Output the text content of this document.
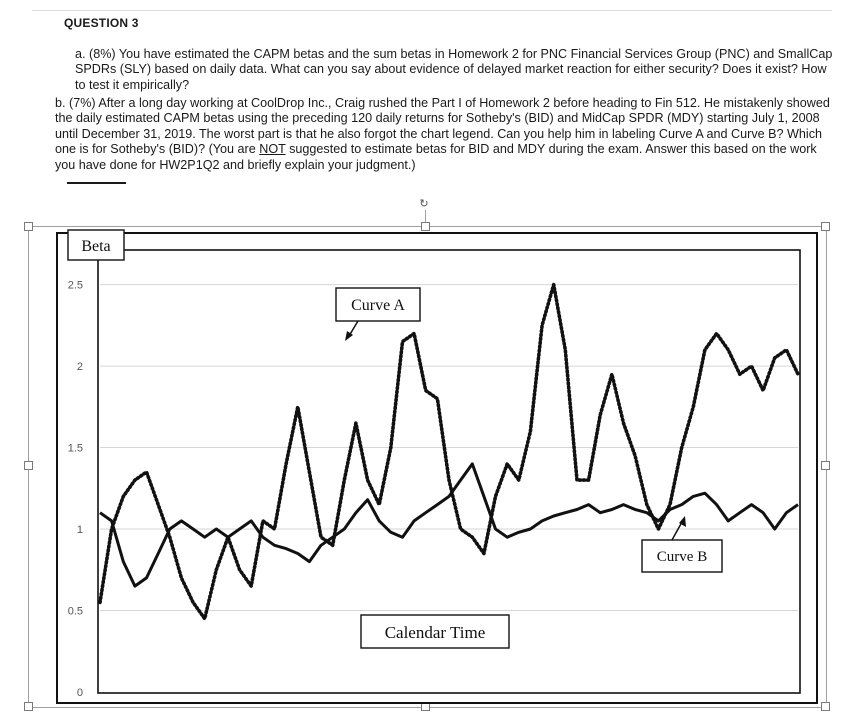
QUESTION 3

a. (8%) You have estimated the CAPM betas and the sum betas in Homework 2 for PNC Financial Services Group (PNC) and SmallCap SPDRs (SLY) based on daily data. What can you say about evidence of delayed market reaction for either security? Does it exist? How to test it empirically?

b. (7%) After a long day working at CoolDrop Inc., Craig rushed the Part I of Homework 2 before heading to Fin 512. He mistakenly showed the daily estimated CAPM betas using the preceding 120 daily returns for Sotheby's (BID) and MidCap SPDR (MDY) starting July 1, 2008 until December 31, 2019. The worst part is that he also forgot the chart legend. Can you help him in labeling Curve A and Curve B? Which one is for Sotheby's (BID)? (You are NOT suggested to estimate betas for BID and MDY during the exam. Answer this based on the work you have done for HW2P1Q2 and briefly explain your judgment.)

↻
0
0.5
1
1.5
2
2.5
Beta
Calendar Time
Curve A
Curve B
